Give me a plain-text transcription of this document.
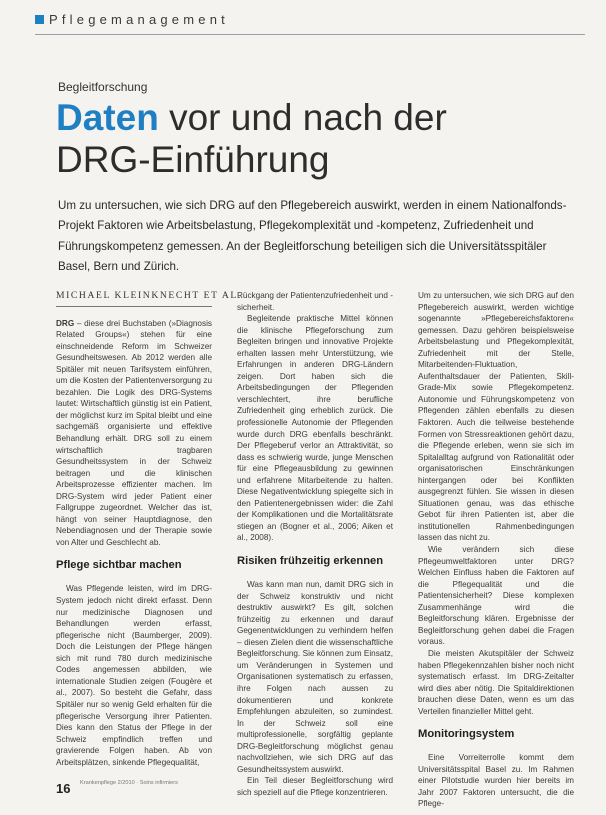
Pflegemanagement
Begleitforschung
Daten vor und nach der
DRG-Einführung
Um zu untersuchen, wie sich DRG auf den Pflegebereich auswirkt, werden in einem Nationalfonds-Projekt Faktoren wie Arbeitsbelastung, Pflegekomplexität und -kompetenz, Zufriedenheit und Führungskompetenz gemessen. An der Begleitforschung beteiligen sich die Universitätsspitäler Basel, Bern und Zürich.
MICHAEL KLEINKNECHT ET AL.

DRG – diese drei Buchstaben (»Diagnosis Related Groups«) stehen für eine einschneidende Reform im Schweizer Gesundheitswesen. Ab 2012 werden alle Spitäler mit neuen Tarifsystem einführen, um die Kosten der Patientenversorgung zu bezahlen. Die Logik des DRG-Systems lautet: Wirtschaftlich günstig ist ein Patient, der möglichst kurz im Spital bleibt und eine sachgemäß organisierte und effektive Behandlung erhält. DRG soll zu einem wirtschaftlich tragbaren Gesundheitssystem in der Schweiz beitragen und die klinischen Arbeitsprozesse effizienter machen. Im DRG-System wird jeder Patient einer Fallgruppe zugeordnet. Welcher das ist, hängt von seiner Hauptdiagnose, den Nebendiagnosen und der Therapie sowie von Alter und Geschlecht ab.

Pflege sichtbar machen

Was Pflegende leisten, wird im DRG-System jedoch nicht direkt erfasst. Denn nur medizinische Diagnosen und Behandlungen werden erfasst, pflegerische nicht (Baumberger, 2009). Doch die Leistungen der Pflege hängen sich mit rund 780 durch medizinische Codes angemessen abbilden, wie internationale Studien zeigen (Fougère et al., 2007). So besteht die Gefahr, dass Spitäler nur so wenig Geld erhalten für die pflegerische Versorgung ihrer Patienten. Dies kann den Status der Pflege in der Schweiz empfindlich treffen und gravierende Folgen haben. Ab von Arbeitsplätzen, sinkende Pflegequalität,

Rückgang der Patientenzufriedenheit und -sicherheit.

Begleitende praktische Mittel können die klinische Pflegeforschung zum Begleiten bringen und innovative Projekte erhalten lassen mehr Unterstützung, wie Erfahrungen in anderen DRG-Ländern zeigen. Dort haben sich die Arbeitsbedingungen der Pflegenden verschlechtert, ihre berufliche Zufriedenheit ging erheblich zurück. Die professionelle Autonomie der Pflegenden wurde durch DRG ebenfalls beschränkt. Der Pflegeberuf verlor an Attraktivität, so dass es schwierig wurde, junge Menschen für eine Pflegeausbildung zu gewinnen und erfahrene Mitarbeitende zu halten. Diese Negativentwicklung spiegelte sich in den Patientenergebnissen wider: die Zahl der Komplikationen und die Mortalitätsrate stiegen an (Bogner et al., 2006; Aiken et al., 2008).

Risiken frühzeitig erkennen

Was kann man nun, damit DRG sich in der Schweiz konstruktiv und nicht destruktiv auswirkt? Es gilt, solchen frühzeitig zu erkennen und darauf Gegenentwicklungen zu verhindern helfen – diesen Zielen dient die wissenschaftliche Begleitforschung. Sie können zum Einsatz, um Veränderungen in Systemen und Organisationen systematisch zu erfassen, ihre Folgen nach aussen zu dokumentieren und konkrete Empfehlungen abzuleiten, so zumindest. In der Schweiz soll eine multiprofessionelle, sorgfältig geplante DRG-Begleitforschung möglichst genau nachvollziehen, wie sich DRG auf das Gesundheitssystem auswirkt.

Ein Teil dieser Begleitforschung wird sich speziell auf die Pflege konzentrieren.

Um zu untersuchen, wie sich DRG auf den Pflegebereich auswirkt, werden wichtige sogenannte »Pflegebereichsfaktoren« gemessen. Dazu gehören beispielsweise Arbeitsbelastung und Pflegekomplexität, Zufriedenheit mit der Stelle, Mitarbeitenden-Fluktuation, Aufenthaltsdauer der Patienten, Skill-Grade-Mix sowie Pflegekompetenz. Autonomie und Führungskompetenz von Pflegenden zählen ebenfalls zu diesen Faktoren. Auch die teilweise bestehende Formen von Stressreaktionen gehört dazu, die Pflegende erleben, wenn sie sich im Spitalalltag aufgrund von Rationalität oder organisatorischen Einschränkungen hintergangen oder bei Konflikten ausgegrenzt fühlen. Sie wissen in diesen Situationen genau, was das ethische Gebot für ihren Patienten ist, aber die institutionellen Rahmenbedingungen lassen das nicht zu.

Wie verändern sich diese Pflegeumweltfaktoren unter DRG? Welchen Einfluss haben die Faktoren auf die Pflegequalität und die Patientensicherheit? Diese komplexen Zusammenhänge wird die Begleitforschung klären. Ergebnisse der Begleitforschung gehen dabei die Fragen voraus.

Die meisten Akutspitäler der Schweiz haben Pflegekennzahlen bisher noch nicht systematisch erfasst. Im DRG-Zeitalter wird dies aber nötig. Die Spitaldirektionen brauchen diese Daten, wenn es um das Verteilen finanzieller Mittel geht.

Monitoringsystem

Eine Vorreiterrolle kommt dem Universitätsspital Basel zu. Im Rahmen einer Pilotstudie wurden hier bereits im Jahr 2007 Faktoren untersucht, die die Pflege-

16 Krankenpflege 2/2010 · Soins infirmiers
